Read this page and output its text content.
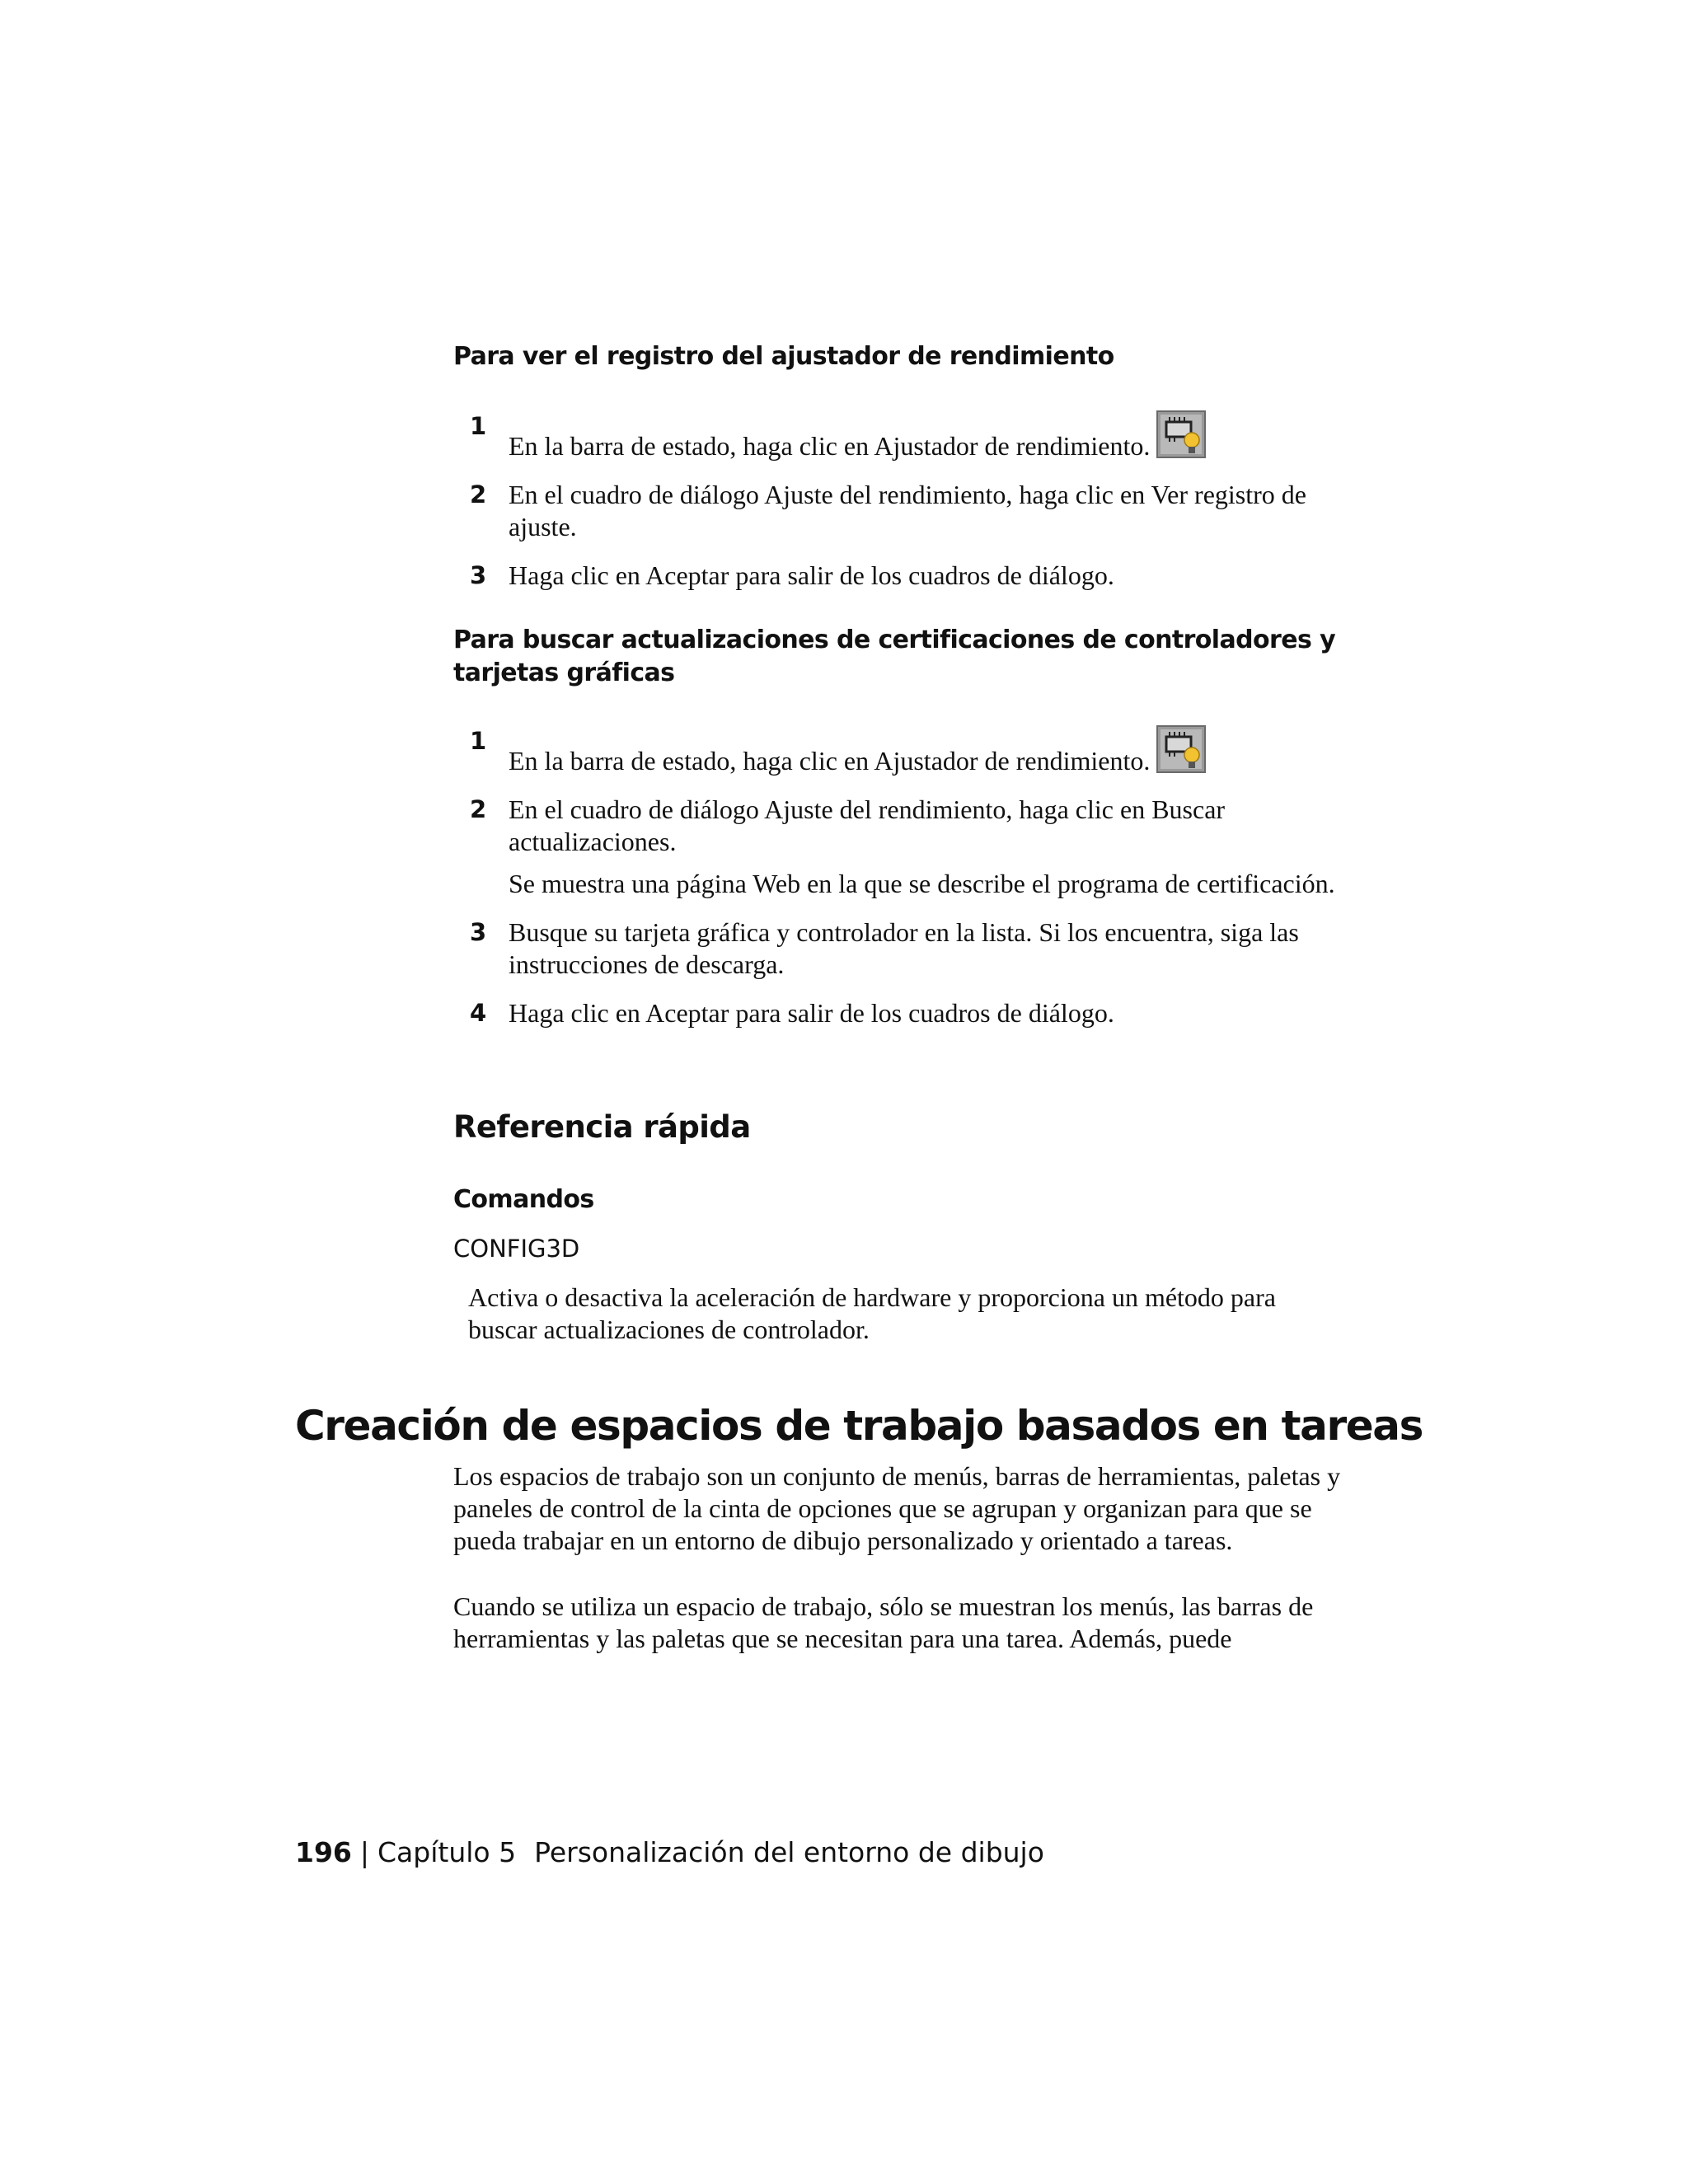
Para ver el registro del ajustador de rendimiento
1

En la barra de estado, haga clic en Ajustador de rendimiento.

2 En el cuadro de diálogo Ajuste del rendimiento, haga clic en Ver registro de ajuste.

3 Haga clic en Aceptar para salir de los cuadros de diálogo.

Para buscar actualizaciones de certificaciones de controladores y tarjetas gráficas
1

En la barra de estado, haga clic en Ajustador de rendimiento.

2 En el cuadro de diálogo Ajuste del rendimiento, haga clic en Buscar actualizaciones.

Se muestra una página Web en la que se describe el programa de certificación.

3 Busque su tarjeta gráfica y controlador en la lista. Si los encuentra, siga las instrucciones de descarga.

4 Haga clic en Aceptar para salir de los cuadros de diálogo.

Referencia rápida
Comandos

CONFIG3D

Activa o desactiva la aceleración de hardware y proporciona un método para buscar actualizaciones de controlador.

Creación de espacios de trabajo basados en tareas

Los espacios de trabajo son un conjunto de menús, barras de herramientas, paletas y paneles de control de la cinta de opciones que se agrupan y organizan para que se pueda trabajar en un entorno de dibujo personalizado y orientado a tareas.

Cuando se utiliza un espacio de trabajo, sólo se muestran los menús, las barras de herramientas y las paletas que se necesitan para una tarea. Además, puede

196 | Capítulo 5 Personalización del entorno de dibujo
